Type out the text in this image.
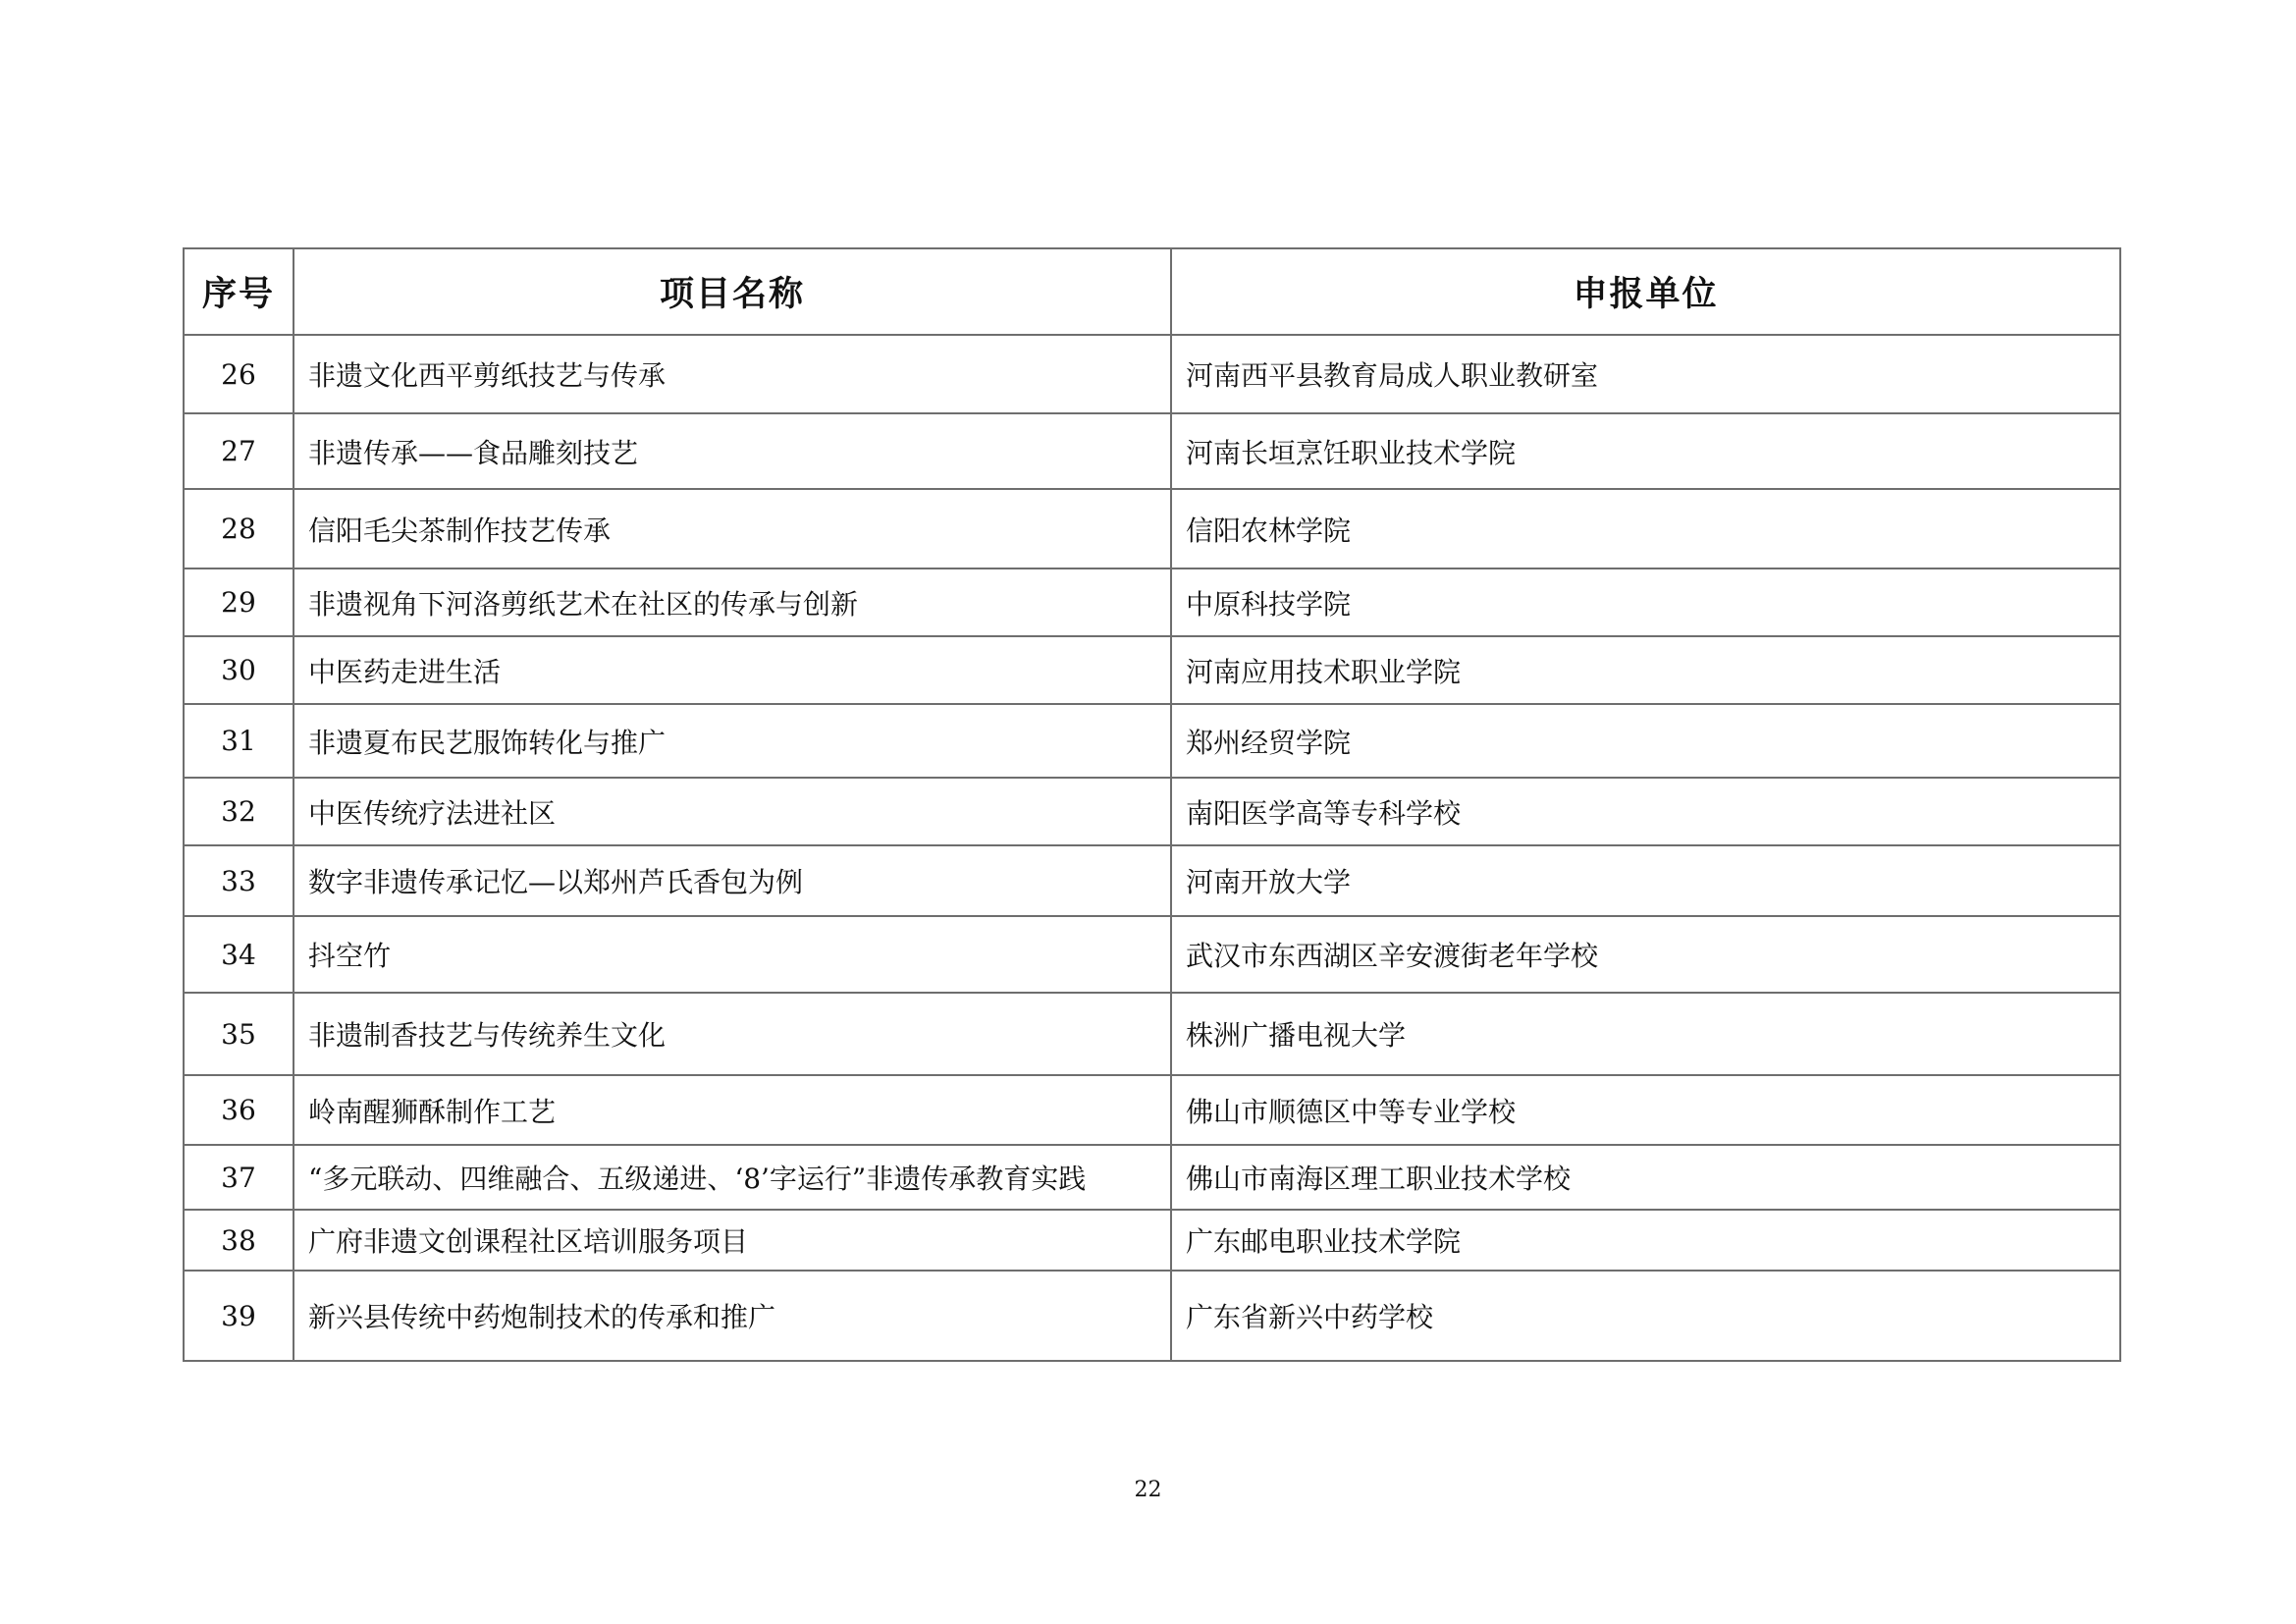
序号	项目名称	申报单位
26	非遗文化西平剪纸技艺与传承	河南西平县教育局成人职业教研室
27	非遗传承——食品雕刻技艺	河南长垣烹饪职业技术学院
28	信阳毛尖茶制作技艺传承	信阳农林学院
29	非遗视角下河洛剪纸艺术在社区的传承与创新	中原科技学院
30	中医药走进生活	河南应用技术职业学院
31	非遗夏布民艺服饰转化与推广	郑州经贸学院
32	中医传统疗法进社区	南阳医学高等专科学校
33	数字非遗传承记忆—以郑州芦氏香包为例	河南开放大学
34	抖空竹	武汉市东西湖区辛安渡街老年学校
35	非遗制香技艺与传统养生文化	株洲广播电视大学
36	岭南醒狮酥制作工艺	佛山市顺德区中等专业学校
37	“多元联动、四维融合、五级递进、‘8’字运行”非遗传承教育实践	佛山市南海区理工职业技术学校
38	广府非遗文创课程社区培训服务项目	广东邮电职业技术学院
39	新兴县传统中药炮制技术的传承和推广	广东省新兴中药学校
22
